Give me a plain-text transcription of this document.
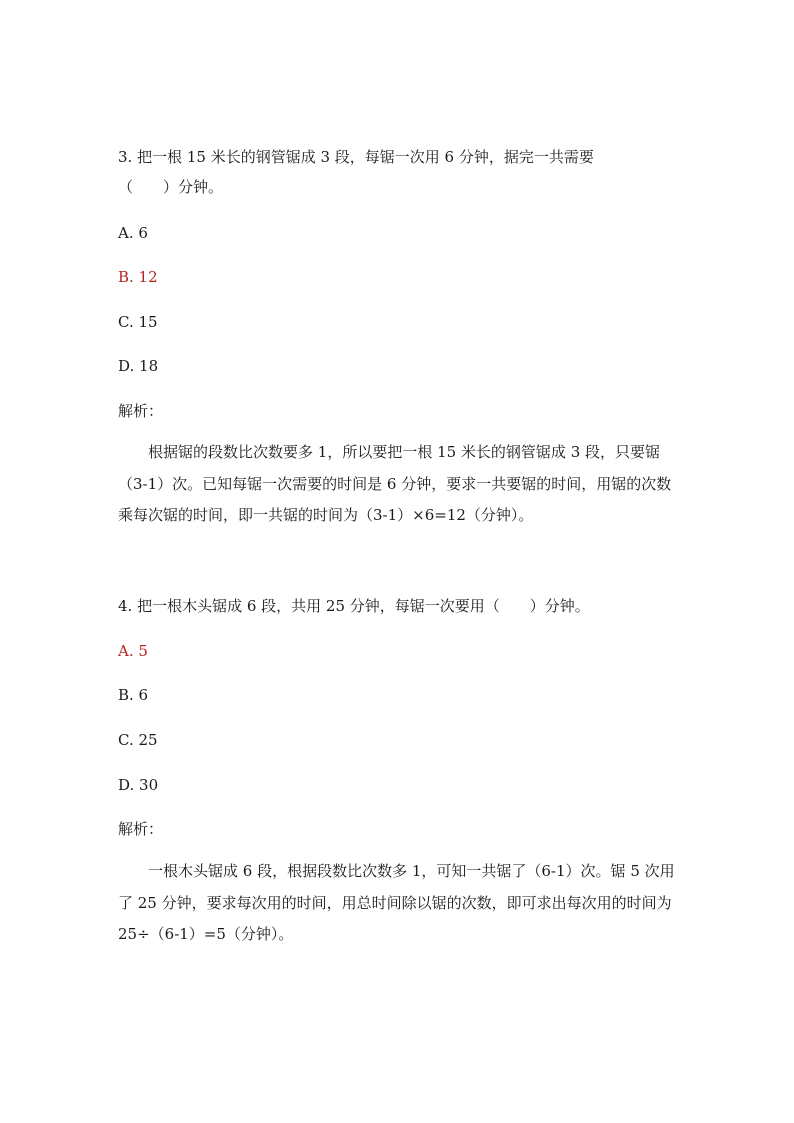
3. 把一根 15 米长的钢管锯成 3 段，每锯一次用 6 分钟，据完一共需要
（　　）分钟。
A. 6
B. 12
C. 15
D. 18
解析：
根据锯的段数比次数要多 1，所以要把一根 15 米长的钢管锯成 3 段，只要锯（3-1）次。已知每锯一次需要的时间是 6 分钟，要求一共要锯的时间，用锯的次数乘每次锯的时间，即一共锯的时间为（3-1）×6=12（分钟）。
4. 把一根木头锯成 6 段，共用 25 分钟，每锯一次要用（　　）分钟。
A. 5
B. 6
C. 25
D. 30
解析：
一根木头锯成 6 段，根据段数比次数多 1，可知一共锯了（6-1）次。锯 5 次用了 25 分钟，要求每次用的时间，用总时间除以锯的次数，即可求出每次用的时间为 25÷（6-1）=5（分钟）。
